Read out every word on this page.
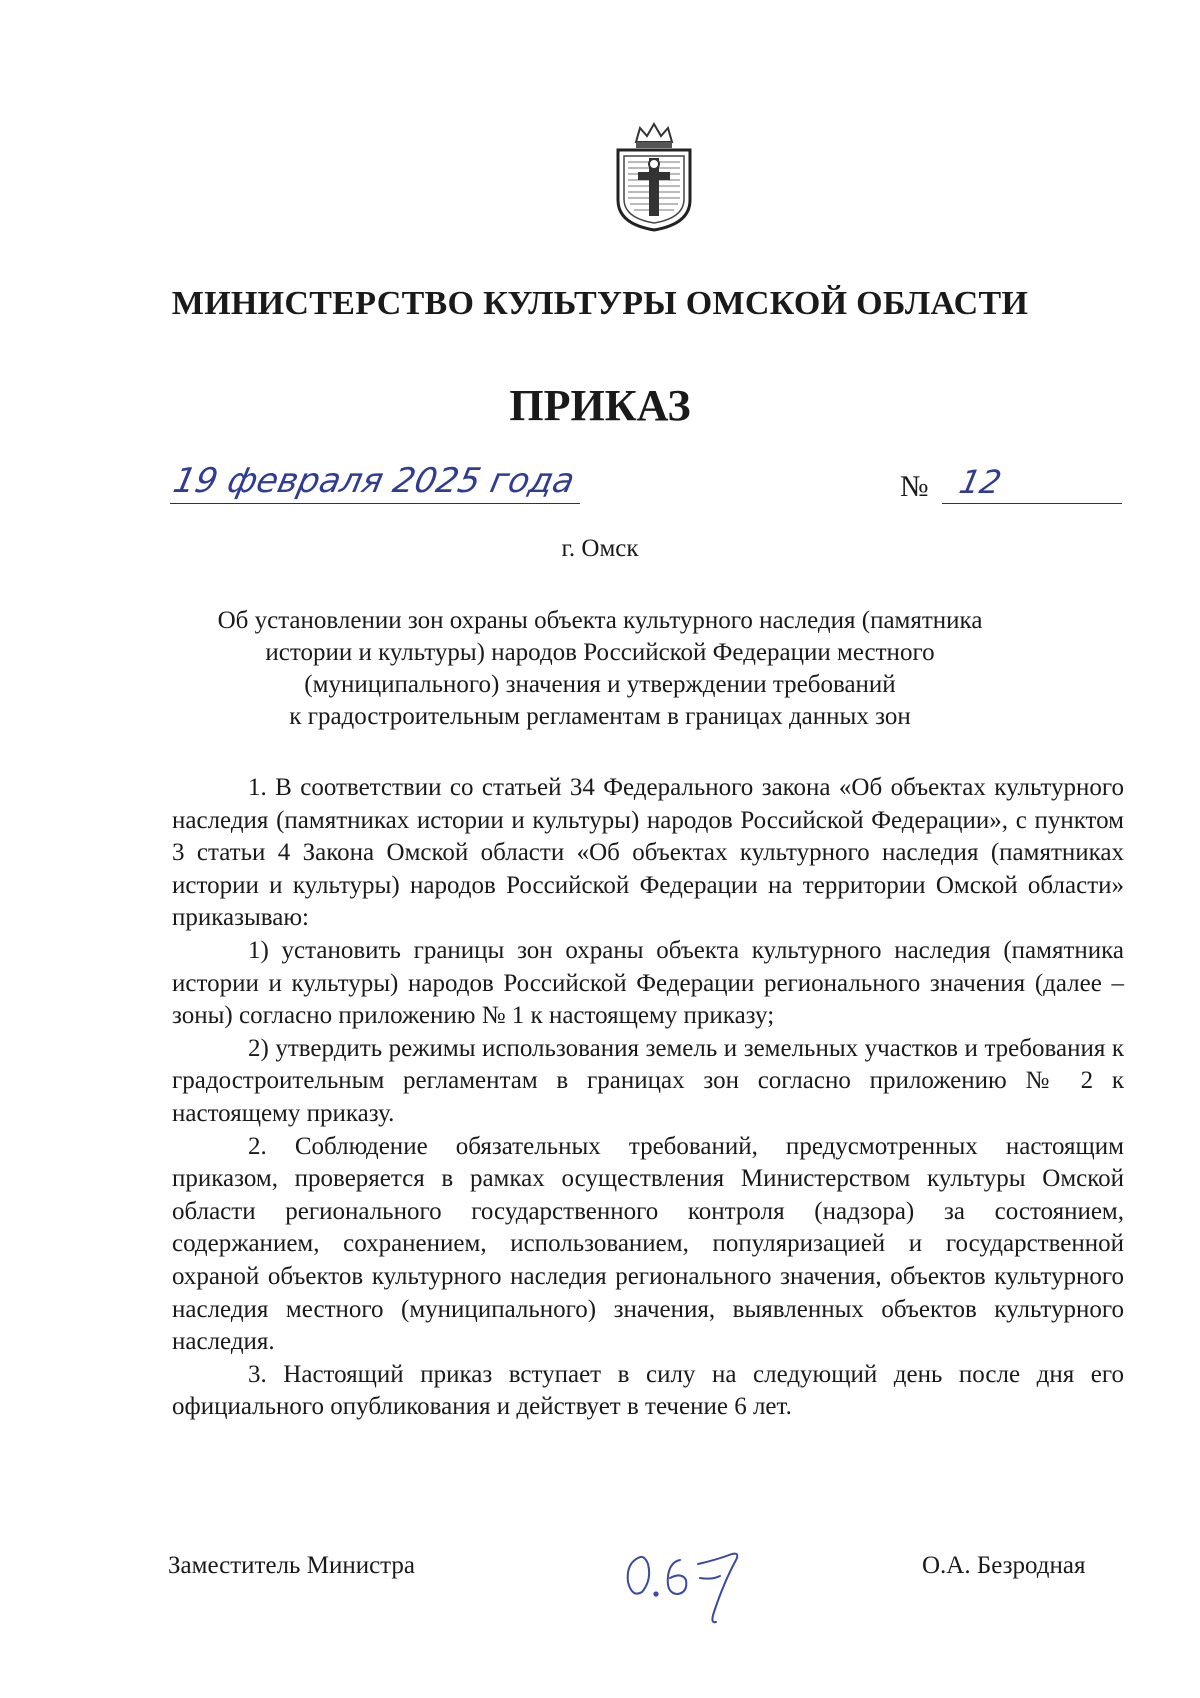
МИНИСТЕРСТВО КУЛЬТУРЫ ОМСКОЙ ОБЛАСТИ
ПРИКАЗ
19 февраля 2025 года	№ 12
г. Омск
Об установлении зон охраны объекта культурного наследия (памятника
истории и культуры) народов Российской Федерации местного
(муниципального) значения и утверждении требований
к градостроительным регламентам в границах данных зон

1. В соответствии со статьей 34 Федерального закона «Об объектах культурного наследия (памятниках истории и культуры) народов Российской Федерации», с пунктом 3 статьи 4 Закона Омской области «Об объектах культурного наследия (памятниках истории и культуры) народов Российской Федерации на территории Омской области» приказываю:

1) установить границы зон охраны объекта культурного наследия (памятника истории и культуры) народов Российской Федерации регионального значения (далее – зоны) согласно приложению № 1 к настоящему приказу;

2) утвердить режимы использования земель и земельных участков и требования к градостроительным регламентам в границах зон согласно приложению № 2 к настоящему приказу.

2. Соблюдение обязательных требований, предусмотренных настоящим приказом, проверяется в рамках осуществления Министерством культуры Омской области регионального государственного контроля (надзора) за состоянием, содержанием, сохранением, использованием, популяризацией и государственной охраной объектов культурного наследия регионального значения, объектов культурного наследия местного (муниципального) значения, выявленных объектов культурного наследия.

3. Настоящий приказ вступает в силу на следующий день после дня его официального опубликования и действует в течение 6 лет.

Заместитель Министра	О.А. Безродная
